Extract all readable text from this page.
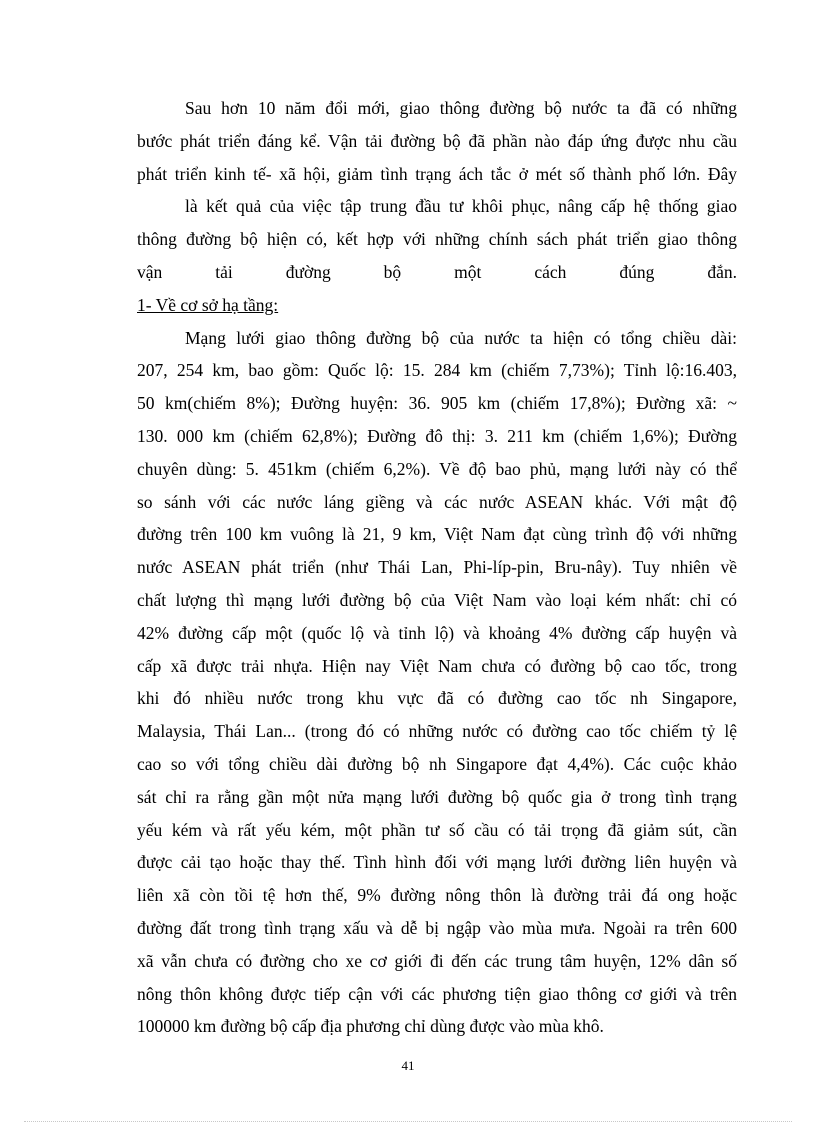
Sau hơn 10 năm đổi mới, giao thông đường bộ nước ta đã có những
bước phát triển đáng kể. Vận tải đường bộ đã phần nào đáp ứng được nhu cầu
phát triển kinh tế- xã hội, giảm tình trạng ách tắc ở mét số thành phố lớn. Đây
là kết quả của việc tập trung đầu tư khôi phục, nâng cấp hệ thống giao
thông đường bộ hiện có, kết hợp với những chính sách phát triển giao thông
vận tải đường bộ một cách đúng đắn.
1- Về cơ sở hạ tầng:
Mạng lưới giao thông đường bộ của nước ta hiện có tổng chiều dài:
207, 254 km, bao gồm: Quốc lộ: 15. 284 km (chiếm 7,73%); Tỉnh lộ:16.403,
50 km(chiếm 8%); Đường huyện: 36. 905 km (chiếm 17,8%); Đường xã: ~
130. 000 km (chiếm 62,8%); Đường đô thị: 3. 211 km (chiếm 1,6%); Đường
chuyên dùng: 5. 451km (chiếm 6,2%). Về độ bao phủ, mạng lưới này có thể
so sánh với các nước láng giềng và các nước ASEAN khác. Với mật độ
đường trên 100 km vuông là 21, 9 km, Việt Nam đạt cùng trình độ với những
nước ASEAN phát triển (như Thái Lan, Phi-líp-pin, Bru-nây). Tuy nhiên về
chất lượng thì mạng lưới đường bộ của Việt Nam vào loại kém nhất: chỉ có
42% đường cấp một (quốc lộ và tỉnh lộ) và khoảng 4% đường cấp huyện và
cấp xã được trải nhựa. Hiện nay Việt Nam chưa có đường bộ cao tốc, trong
khi đó nhiều nước trong khu vực đã có đường cao tốc nh Singapore,
Malaysia, Thái Lan... (trong đó có những nước có đường cao tốc chiếm tỷ lệ
cao so với tổng chiều dài đường bộ nh Singapore đạt 4,4%). Các cuộc khảo
sát chỉ ra rằng gần một nửa mạng lưới đường bộ quốc gia ở trong tình trạng
yếu kém và rất yếu kém, một phần tư số cầu có tải trọng đã giảm sút, cần
được cải tạo hoặc thay thế. Tình hình đối với mạng lưới đường liên huyện và
liên xã còn tồi tệ hơn thế, 9% đường nông thôn là đường trải đá ong hoặc
đường đất trong tình trạng xấu và dễ bị ngập vào mùa mưa. Ngoài ra trên 600
xã vẫn chưa có đường cho xe cơ giới đi đến các trung tâm huyện, 12% dân số
nông thôn không được tiếp cận với các phương tiện giao thông cơ giới và trên
100000 km đường bộ cấp địa phương chỉ dùng được vào mùa khô.
41
